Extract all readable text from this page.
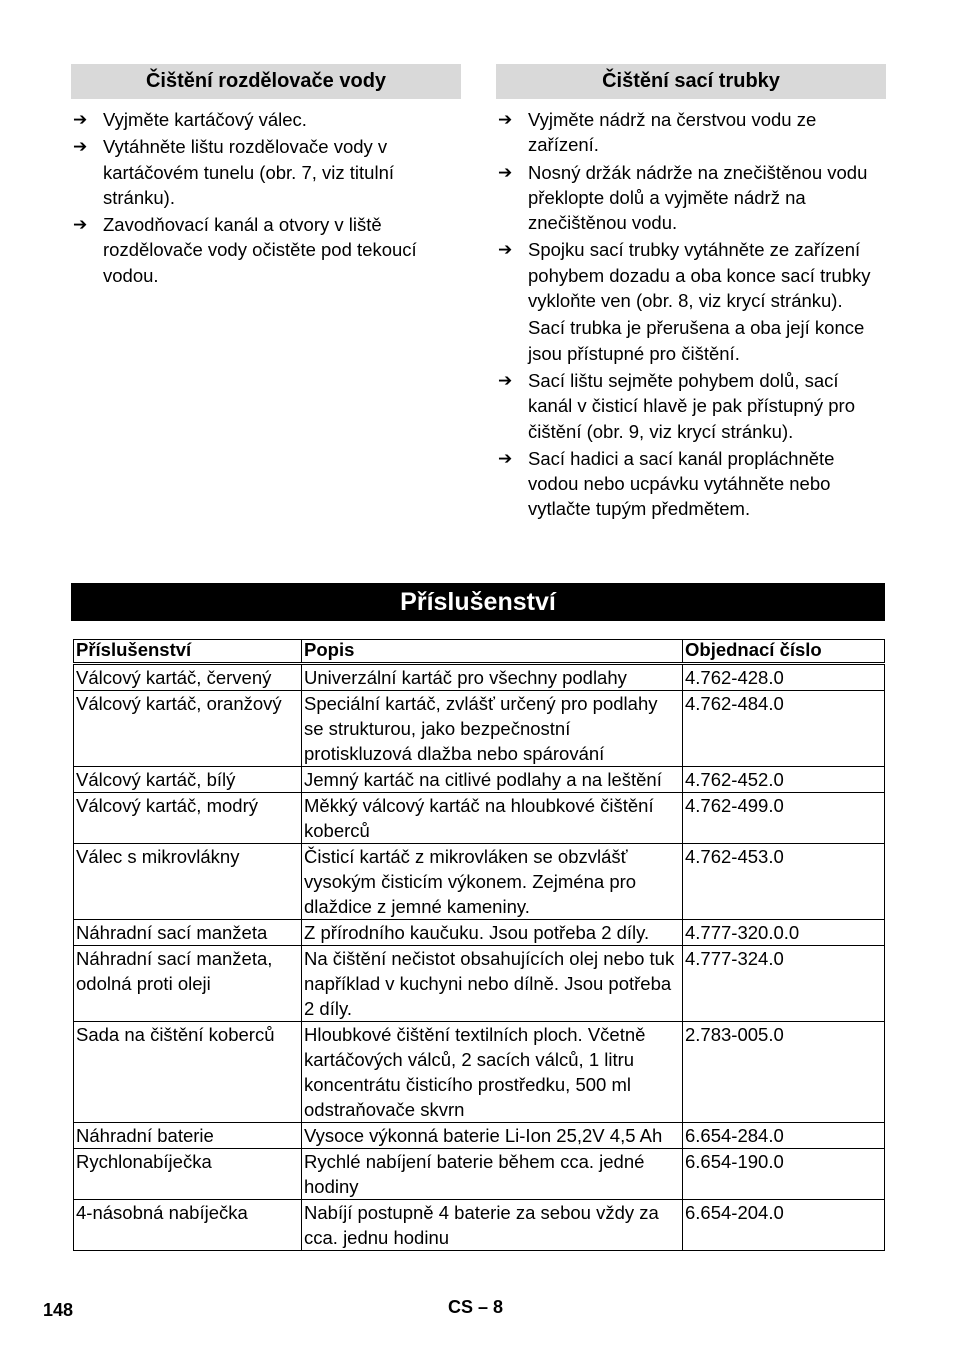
Čištění rozdělovače vody
➔ Vyjměte kartáčový válec.
➔ Vytáhněte lištu rozdělovače vody v kartáčovém tunelu (obr. 7, viz titulní stránku).
➔ Zavodňovací kanál a otvory v liště rozdělovače vody očistěte pod tekoucí vodou.
Čištění sací trubky
➔ Vyjměte nádrž na čerstvou vodu ze zařízení.
➔ Nosný držák nádrže na znečištěnou vodu překlopte dolů a vyjměte nádrž na znečištěnou vodu.
➔ Spojku sací trubky vytáhněte ze zařízení pohybem dozadu a oba konce sací trubky vykloňte ven (obr. 8, viz krycí stránku).
Sací trubka je přerušena a oba její konce jsou přístupné pro čištění.
➔ Sací lištu sejměte pohybem dolů, sací kanál v čisticí hlavě je pak přístupný pro čištění (obr. 9, viz krycí stránku).
➔ Sací hadici a sací kanál propláchněte vodou nebo ucpávku vytáhněte nebo vytlačte tupým předmětem.
Příslušenství
Příslušenství	Popis	Objednací číslo
Válcový kartáč, červený	Univerzální kartáč pro všechny podlahy	4.762-428.0
Válcový kartáč, oranžový	Speciální kartáč, zvlášť určený pro podlahy se strukturou, jako bezpečnostní protiskluzová dlažba nebo spárování	4.762-484.0
Válcový kartáč, bílý	Jemný kartáč na citlivé podlahy a na leštění	4.762-452.0
Válcový kartáč, modrý	Měkký válcový kartáč na hloubkové čištění koberců	4.762-499.0
Válec s mikrovlákny	Čisticí kartáč z mikrovláken se obzvlášť vysokým čisticím výkonem. Zejména pro dlaždice z jemné kameniny.	4.762-453.0
Náhradní sací manžeta	Z přírodního kaučuku. Jsou potřeba 2 díly.	4.777-320.0.0
Náhradní sací manžeta, odolná proti oleji	Na čištění nečistot obsahujících olej nebo tuk například v kuchyni nebo dílně. Jsou potřeba 2 díly.	4.777-324.0
Sada na čištění koberců	Hloubkové čištění textilních ploch. Včetně kartáčových válců, 2 sacích válců, 1 litru koncentrátu čisticího prostředku, 500 ml odstraňovače skvrn	2.783-005.0
Náhradní baterie	Vysoce výkonná baterie Li-Ion 25,2V 4,5 Ah	6.654-284.0
Rychlonabíječka	Rychlé nabíjení baterie během cca. jedné hodiny	6.654-190.0
4-násobná nabíječka	Nabíjí postupně 4 baterie za sebou vždy za cca. jednu hodinu	6.654-204.0
148	CS – 8
